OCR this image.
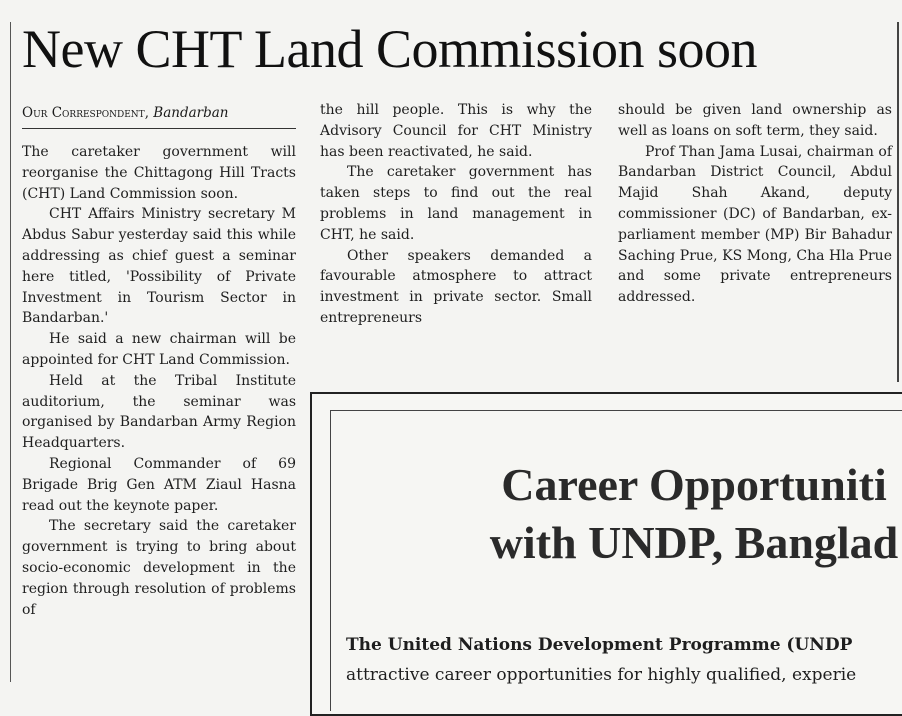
New CHT Land Commission soon
Our Correspondent, Bandarban

The caretaker government will reorganise the Chittagong Hill Tracts (CHT) Land Commission soon.

CHT Affairs Ministry secretary M Abdus Sabur yesterday said this while addressing as chief guest a seminar here titled, 'Possibility of Private Investment in Tourism Sector in Bandarban.'

He said a new chairman will be appointed for CHT Land Commission.

Held at the Tribal Institute auditorium, the seminar was organised by Bandarban Army Region Headquarters.

Regional Commander of 69 Brigade Brig Gen ATM Ziaul Hasna read out the keynote paper.

The secretary said the caretaker government is trying to bring about socio-economic development in the region through resolution of problems of

the hill people. This is why the Advisory Council for CHT Ministry has been reactivated, he said.

The caretaker government has taken steps to find out the real problems in land management in CHT, he said.

Other speakers demanded a favourable atmosphere to attract investment in private sector. Small entrepreneurs

should be given land ownership as well as loans on soft term, they said.

Prof Than Jama Lusai, chairman of Bandarban District Council, Abdul Majid Shah Akand, deputy commissioner (DC) of Bandarban, ex-parliament member (MP) Bir Bahadur Saching Prue, KS Mong, Cha Hla Prue and some private entrepreneurs addressed.

Career Opportuniti
with UNDP, Banglad
The United Nations Development Programme (UNDP
attractive career opportunities for highly qualified, experie
